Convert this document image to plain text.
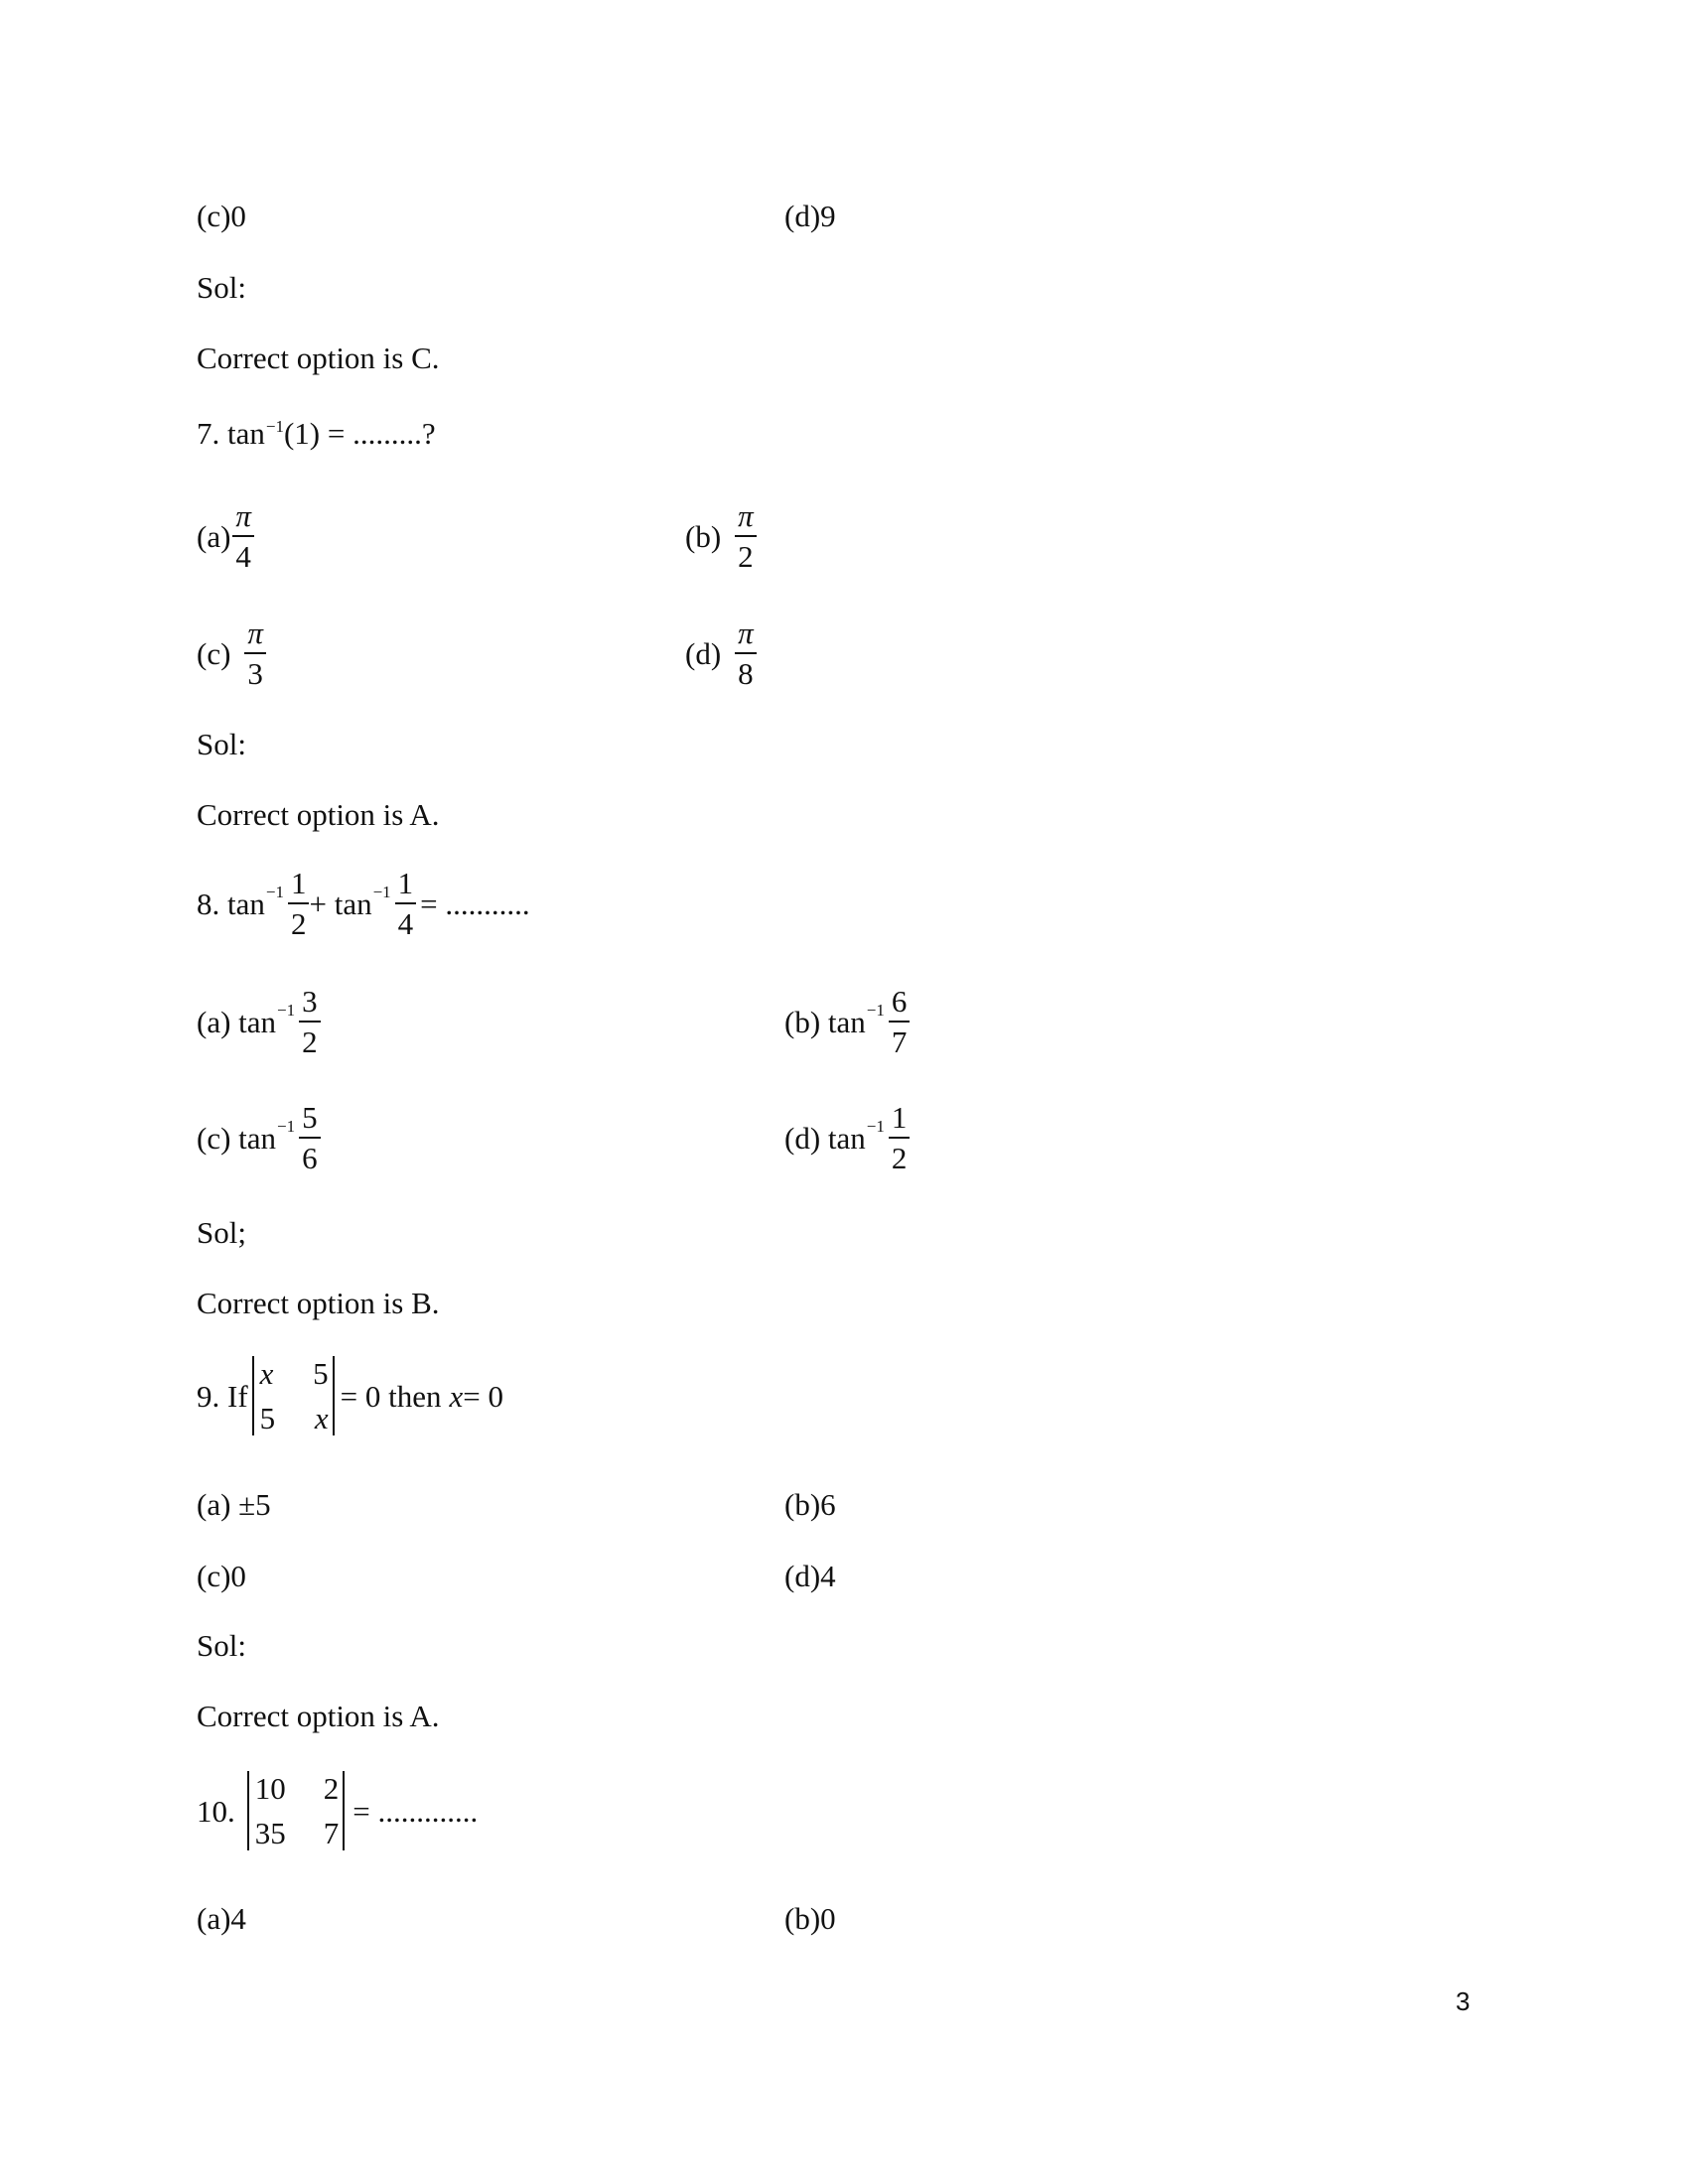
(c)0	(d)9
Sol:
Correct option is C.
7. $\tan^{-1}(1)$ = .........?
$(a) \frac{\pi}{4}$	$(b) \frac{\pi}{2}$
$(c) \frac{\pi}{3}$	$(d) \frac{\pi}{8}$
Sol:
Correct option is A.
8. $\tan^{-1} \frac{1}{2} + \tan^{-1} \frac{1}{4}$ = ...........
(a) $\tan^{-1} \frac{3}{2}$	(b) $\tan^{-1} \frac{6}{7}$
(c) $\tan^{-1} \frac{5}{6}$	(d) $\tan^{-1} \frac{1}{2}$
Sol;
Correct option is B.
9. If
x 5
5 x
= 0 then x = 0
(a) ±5	(b)6
(c)0	(d)4
Sol:
Correct option is A.
10.
10 2
35 7
= .............
(a)4	(b)0
3
